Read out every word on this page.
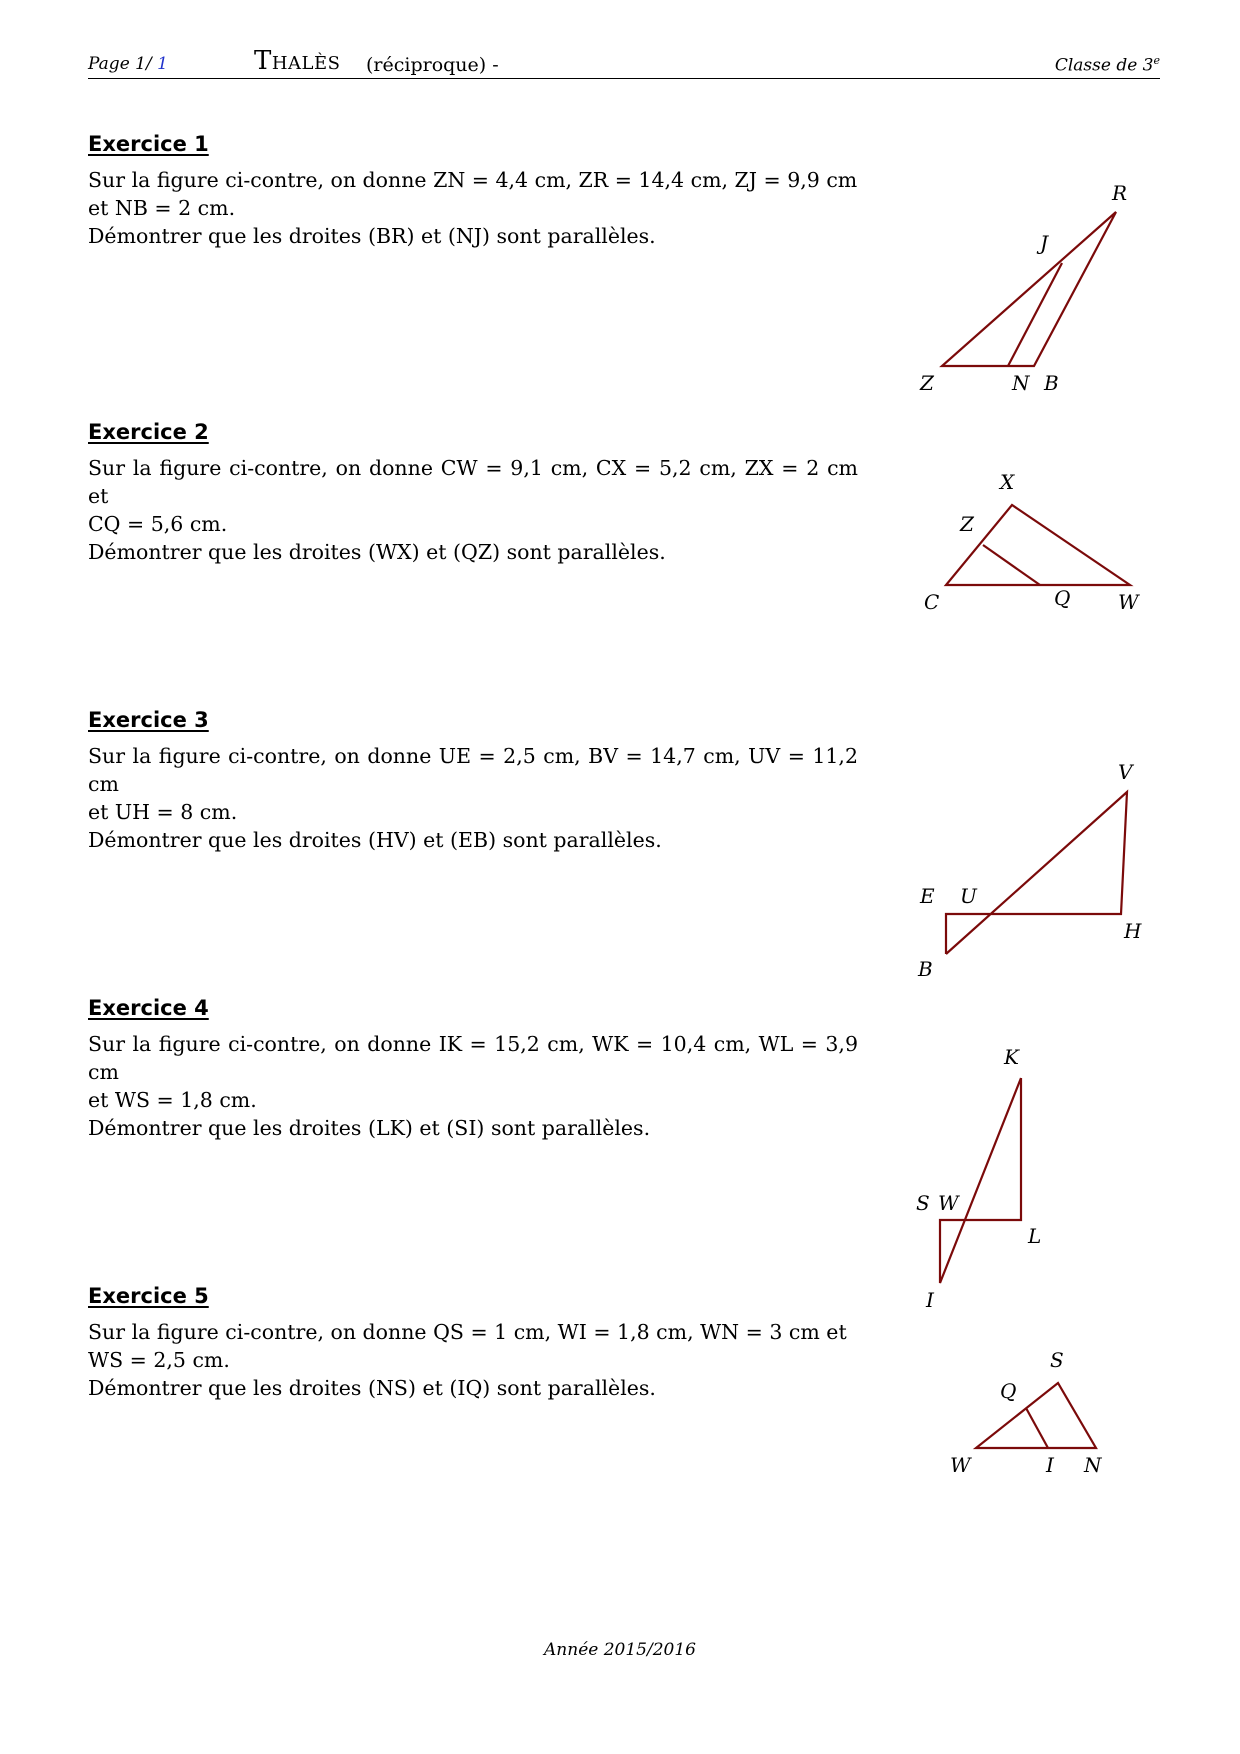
Page 1/ 1	Thalès (réciproque) -	Classe de 3e
Exercice 1

Sur la figure ci-contre, on donne ZN = 4,4 cm, ZR = 14,4 cm, ZJ = 9,9 cm

et NB = 2 cm.

Démontrer que les droites (BR) et (NJ) sont parallèles.

R
J
Z	N B
Exercice 2

Sur la figure ci-contre, on donne CW = 9,1 cm, CX = 5,2 cm, ZX = 2 cm et

CQ = 5,6 cm.

Démontrer que les droites (WX) et (QZ) sont parallèles.

X
Z
C	Q W
Exercice 3

Sur la figure ci-contre, on donne UE = 2,5 cm, BV = 14,7 cm, UV = 11,2 cm

et UH = 8 cm.

Démontrer que les droites (HV) et (EB) sont parallèles.

V
E U
H
B
Exercice 4

Sur la figure ci-contre, on donne IK = 15,2 cm, WK = 10,4 cm, WL = 3,9 cm

et WS = 1,8 cm.

Démontrer que les droites (LK) et (SI) sont parallèles.

K
S W
L
I
Exercice 5

Sur la figure ci-contre, on donne QS = 1 cm, WI = 1,8 cm, WN = 3 cm et

WS = 2,5 cm.

Démontrer que les droites (NS) et (IQ) sont parallèles.

S
Q
W	I N
Année 2015/2016
